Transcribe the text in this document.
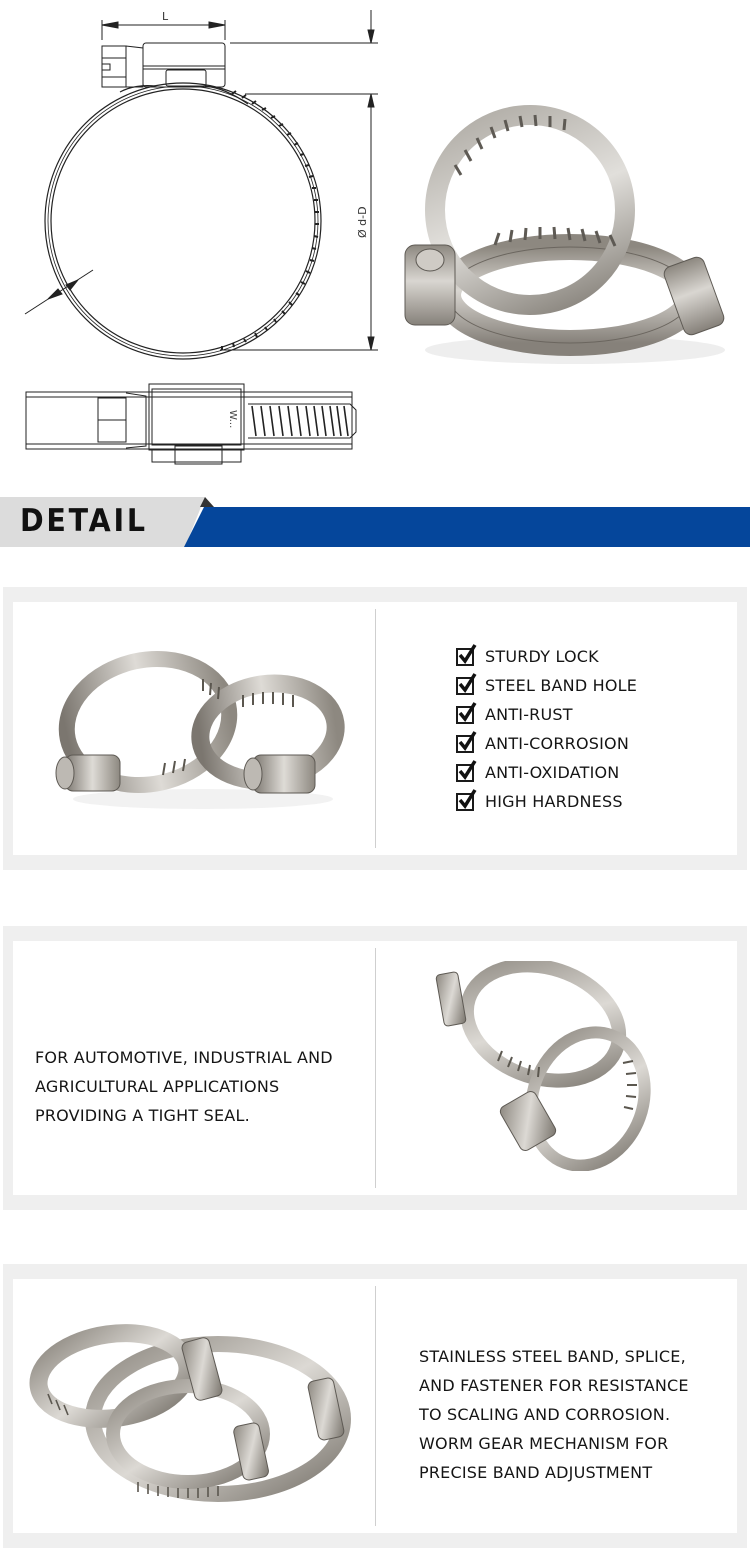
L
Ø d-D
W...
DETAIL
STURDY LOCK
STEEL BAND HOLE
ANTI-RUST
ANTI-CORROSION
ANTI-OXIDATION
HIGH HARDNESS
FOR AUTOMOTIVE, INDUSTRIAL AND
AGRICULTURAL APPLICATIONS
PROVIDING A TIGHT SEAL.
STAINLESS STEEL BAND, SPLICE,
AND FASTENER FOR RESISTANCE
TO SCALING AND CORROSION.
WORM GEAR MECHANISM FOR
PRECISE BAND ADJUSTMENT
